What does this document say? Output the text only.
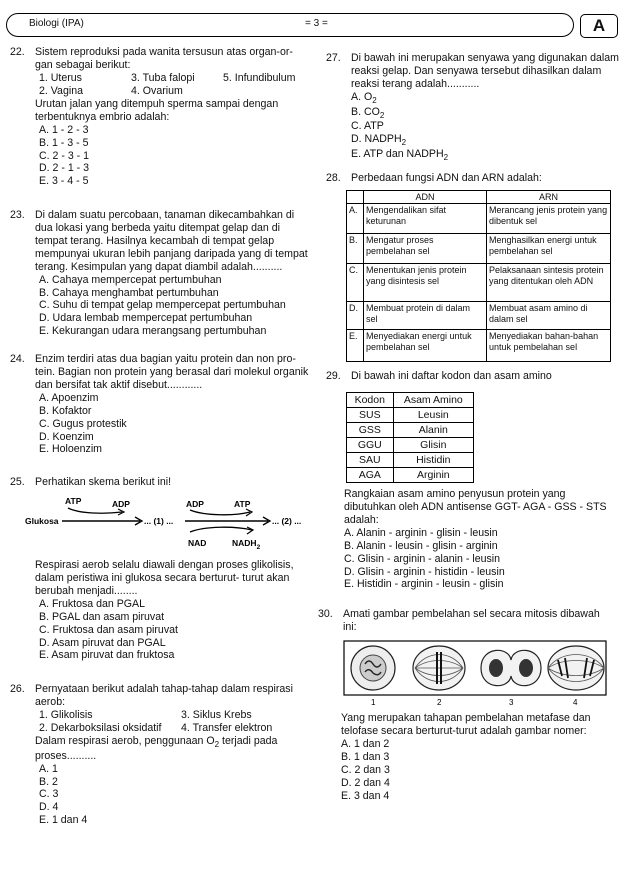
Biologi (IPA)	= 3 =	A
22. Sistem reproduksi pada wanita tersusun atas organ-or-
gan sebagai berikut:
1. Uterus	3. Tuba falopi	5. Infundibulum
2. Vagina	4. Ovarium
Urutan jalan yang ditempuh sperma sampai dengan
terbentuknya embrio adalah:
A. 1 - 2 - 3
B. 1 - 3 - 5
C. 2 - 3 - 1
D. 2 - 1 - 3
E. 3 - 4 - 5
23. Di dalam suatu percobaan, tanaman dikecambahkan di
dua lokasi yang berbeda yaitu ditempat gelap dan di
tempat terang. Hasilnya kecambah di tempat gelap
mempunyai ukuran lebih panjang daripada yang di tempat
terang. Kesimpulan yang dapat diambil adalah..........
A. Cahaya mempercepat pertumbuhan
B. Cahaya menghambat pertumbuhan
C. Suhu di tempat gelap mempercepat pertumbuhan
D. Udara lembab mempercepat pertumbuhan
E. Kekurangan udara merangsang pertumbuhan
24. Enzim terdiri atas dua bagian yaitu protein dan non pro-
tein. Bagian non protein yang berasal dari molekul organik
dan bersifat tak aktif disebut............
A. Apoenzim
B. Kofaktor
C. Gugus protestik
D. Koenzim
E. Holoenzim
25. Perhatikan skema berikut ini!
ATP	ADP
Glukosa	... (1) ...
ADP	ATP
... (2) ...
NAD	$NADH_2$
Respirasi aerob selalu diawali dengan proses glikolisis,
dalam peristiwa ini glukosa secara berturut- turut akan
berubah menjadi........
A. Fruktosa dan PGAL
B. PGAL dan asam piruvat
C. Fruktosa dan asam piruvat
D. Asam piruvat dan PGAL
E. Asam piruvat dan fruktosa
26. Pernyataan berikut adalah tahap-tahap dalam respirasi
aerob:
1. Glikolisis	3. Siklus Krebs
2. Dekarboksilasi oksidatif 4. Transfer elektron
Dalam respirasi aerob, penggunaan $O_2$ terjadi pada
proses..........
A. 1
B. 2
C. 3
D. 4
E. 1 dan 4
27. Di bawah ini merupakan senyawa yang digunakan dalam
reaksi gelap. Dan senyawa tersebut dihasilkan dalam
reaksi terang adalah...........
A. $O_2$
B. $CO_2$
C. ATP
D. $NADPH_2$
E. ATP dan $NADPH_2$
28. Perbedaan fungsi ADN dan ARN adalah:
	ADN	ARN
A.	Mengendalikan sifat keturunan	Merancang jenis protein yang dibentuk sel
B.	Mengatur proses pembelahan sel	Menghasilkan energi untuk pembelahan sel
C.	Menentukan jenis protein yang disintesis sel	Pelaksanaan sintesis protein yang ditentukan oleh ADN
D.	Membuat protein di dalam sel	Membuat asam amino di dalam sel
E.	Menyediakan energi untuk pembelahan sel	Menyediakan bahan-bahan untuk pembelahan sel
29. Di bawah ini daftar kodon dan asam amino
Kodon	Asam Amino
SUS	Leusin
GSS	Alanin
GGU	Glisin
SAU	Histidin
AGA	Arginin
Rangkaian asam amino penyusun protein yang
dibutuhkan oleh ADN antisense GGT- AGA - GSS - STS
adalah:
A. Alanin - arginin - glisin - leusin
B. Alanin - leusin - glisin - arginin
C. Glisin - arginin - alanin - leusin
D. Glisin - arginin - histidin - leusin
E. Histidin - arginin - leusin - glisin
30. Amati gambar pembelahan sel secara mitosis dibawah
ini:
1	2	3	4
Yang merupakan tahapan pembelahan metafase dan
telofase secara berturut-turut adalah gambar nomer:
A. 1 dan 2
B. 1 dan 3
C. 2 dan 3
D. 2 dan 4
E. 3 dan 4
